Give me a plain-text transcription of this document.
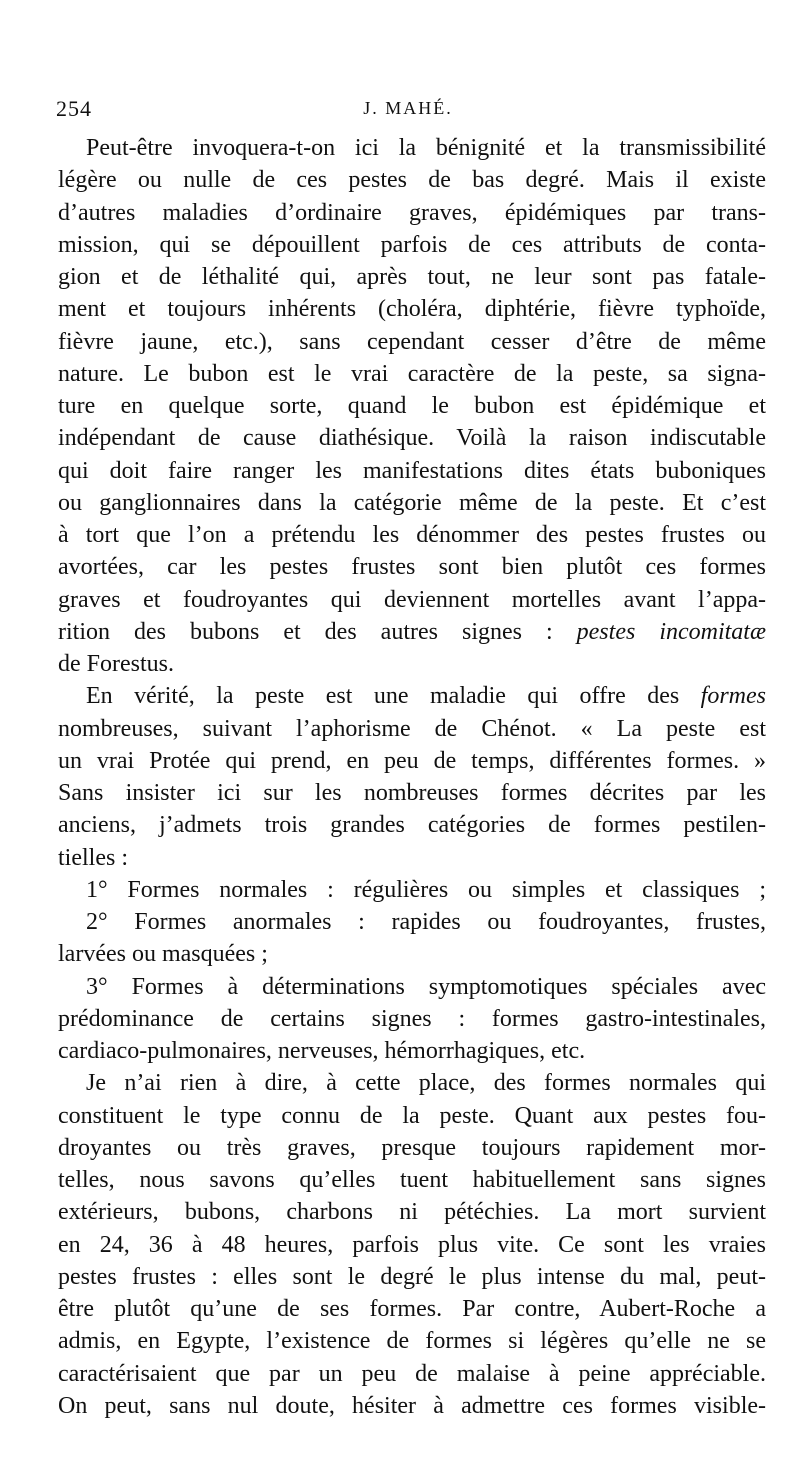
254	J. MAHÉ.
Peut-être invoquera-t-on ici la bénignité et la transmissibilité
légère ou nulle de ces pestes de bas degré. Mais il existe
d’autres maladies d’ordinaire graves, épidémiques par trans-
mission, qui se dépouillent parfois de ces attributs de conta-
gion et de léthalité qui, après tout, ne leur sont pas fatale-
ment et toujours inhérents (choléra, diphtérie, fièvre typhoïde,
fièvre jaune, etc.), sans cependant cesser d’être de même
nature. Le bubon est le vrai caractère de la peste, sa signa-
ture en quelque sorte, quand le bubon est épidémique et
indépendant de cause diathésique. Voilà la raison indiscutable
qui doit faire ranger les manifestations dites états buboniques
ou ganglionnaires dans la catégorie même de la peste. Et c’est
à tort que l’on a prétendu les dénommer des pestes frustes ou
avortées, car les pestes frustes sont bien plutôt ces formes
graves et foudroyantes qui deviennent mortelles avant l’appa-
rition des bubons et des autres signes : pestes incomitatæ
de Forestus.
En vérité, la peste est une maladie qui offre des formes
nombreuses, suivant l’aphorisme de Chénot. « La peste est
un vrai Protée qui prend, en peu de temps, différentes formes. »
Sans insister ici sur les nombreuses formes décrites par les
anciens, j’admets trois grandes catégories de formes pestilen-
tielles :
1° Formes normales : régulières ou simples et classiques ;
2° Formes anormales : rapides ou foudroyantes, frustes,
larvées ou masquées ;
3° Formes à déterminations symptomotiques spéciales avec
prédominance de certains signes : formes gastro-intestinales,
cardiaco-pulmonaires, nerveuses, hémorrhagiques, etc.
Je n’ai rien à dire, à cette place, des formes normales qui
constituent le type connu de la peste. Quant aux pestes fou-
droyantes ou très graves, presque toujours rapidement mor-
telles, nous savons qu’elles tuent habituellement sans signes
extérieurs, bubons, charbons ni pétéchies. La mort survient
en 24, 36 à 48 heures, parfois plus vite. Ce sont les vraies
pestes frustes : elles sont le degré le plus intense du mal, peut-
être plutôt qu’une de ses formes. Par contre, Aubert-Roche a
admis, en Egypte, l’existence de formes si légères qu’elle ne se
caractérisaient que par un peu de malaise à peine appréciable.
On peut, sans nul doute, hésiter à admettre ces formes visible-
